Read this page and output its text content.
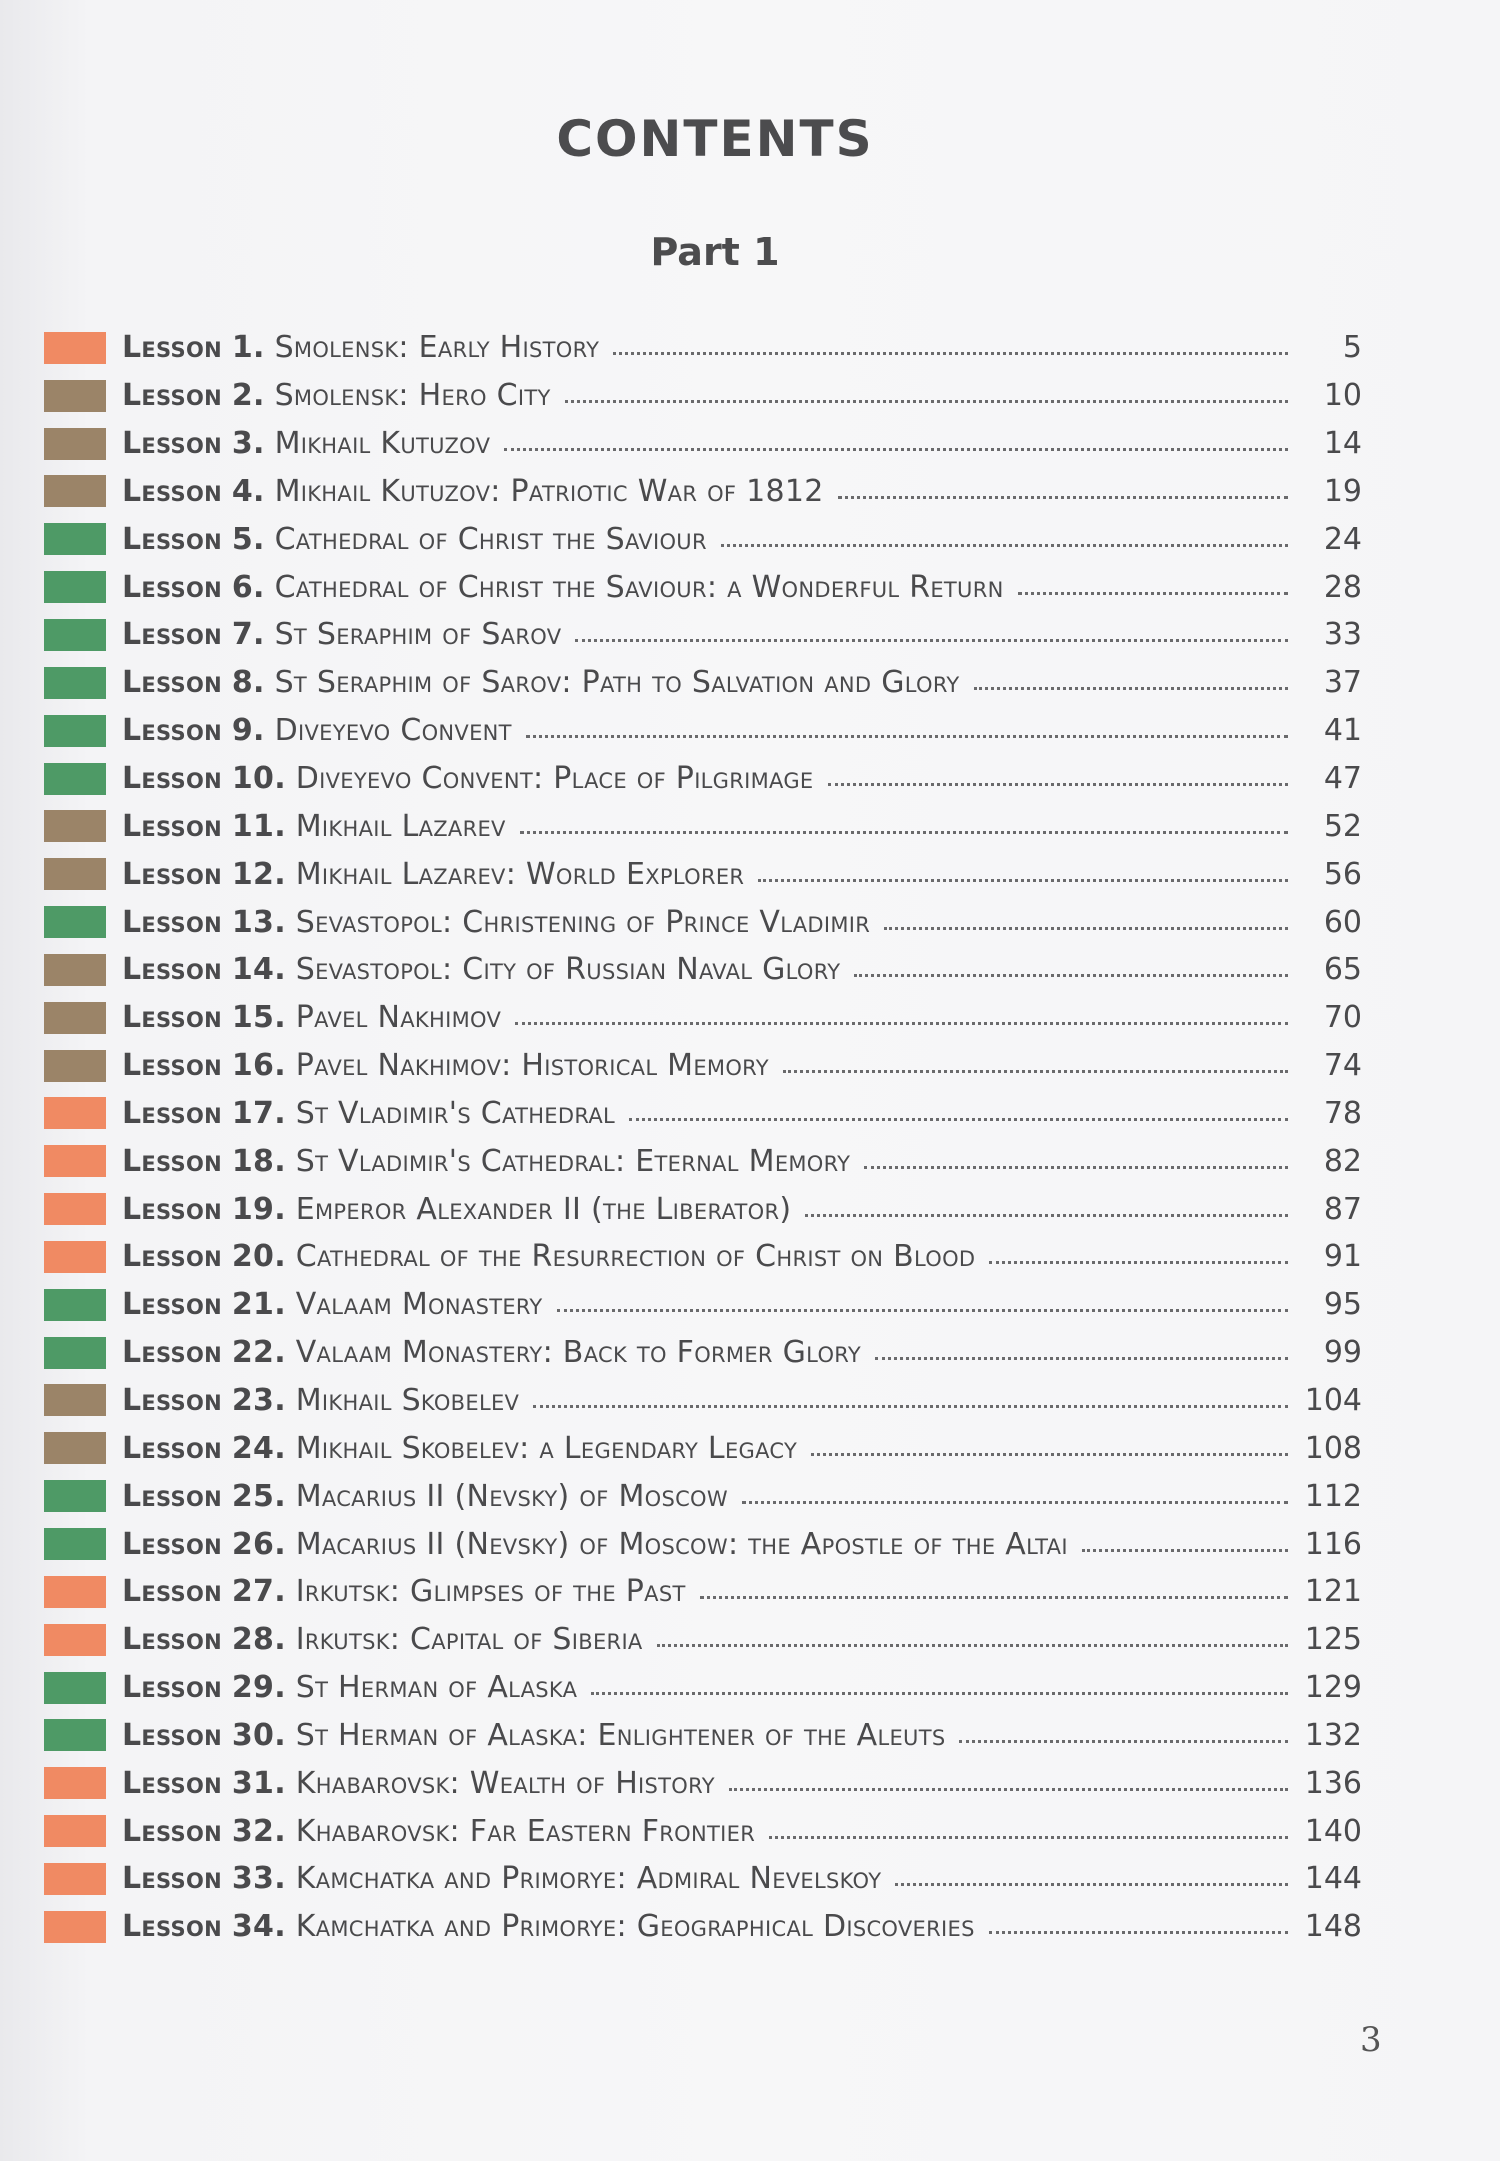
CONTENTS
Part 1
Lesson 1. Smolensk: Early History	5
Lesson 2. Smolensk: Hero City	10
Lesson 3. Mikhail Kutuzov	14
Lesson 4. Mikhail Kutuzov: Patriotic War of 1812	19
Lesson 5. Cathedral of Christ the Saviour	24
Lesson 6. Cathedral of Christ the Saviour: a Wonderful Return	28
Lesson 7. St Seraphim of Sarov	33
Lesson 8. St Seraphim of Sarov: Path to Salvation and Glory	37
Lesson 9. Diveyevo Convent	41
Lesson 10. Diveyevo Convent: Place of Pilgrimage	47
Lesson 11. Mikhail Lazarev	52
Lesson 12. Mikhail Lazarev: World Explorer	56
Lesson 13. Sevastopol: Christening of Prince Vladimir	60
Lesson 14. Sevastopol: City of Russian Naval Glory	65
Lesson 15. Pavel Nakhimov	70
Lesson 16. Pavel Nakhimov: Historical Memory	74
Lesson 17. St Vladimir's Cathedral	78
Lesson 18. St Vladimir's Cathedral: Eternal Memory	82
Lesson 19. Emperor Alexander II (the Liberator)	87
Lesson 20. Cathedral of the Resurrection of Christ on Blood	91
Lesson 21. Valaam Monastery	95
Lesson 22. Valaam Monastery: Back to Former Glory	99
Lesson 23. Mikhail Skobelev	104
Lesson 24. Mikhail Skobelev: a Legendary Legacy	108
Lesson 25. Macarius II (Nevsky) of Moscow	112
Lesson 26. Macarius II (Nevsky) of Moscow: the Apostle of the Altai	116
Lesson 27. Irkutsk: Glimpses of the Past	121
Lesson 28. Irkutsk: Capital of Siberia	125
Lesson 29. St Herman of Alaska	129
Lesson 30. St Herman of Alaska: Enlightener of the Aleuts	132
Lesson 31. Khabarovsk: Wealth of History	136
Lesson 32. Khabarovsk: Far Eastern Frontier	140
Lesson 33. Kamchatka and Primorye: Admiral Nevelskoy	144
Lesson 34. Kamchatka and Primorye: Geographical Discoveries	148
3
